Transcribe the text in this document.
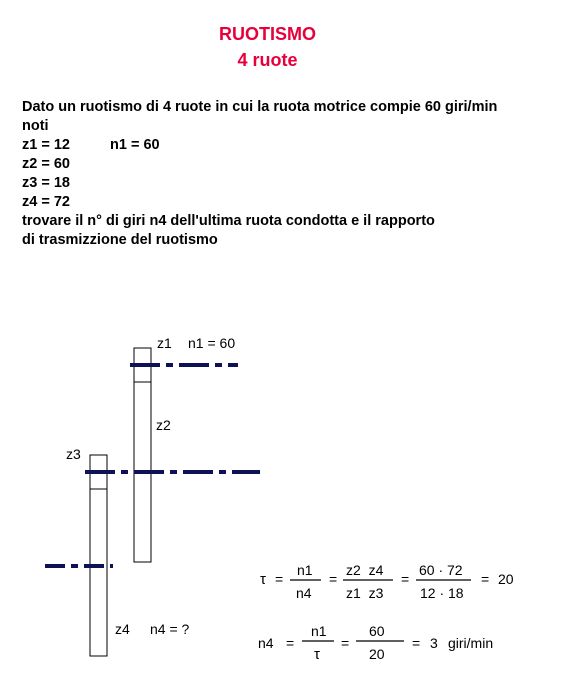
RUOTISMO
4 ruote
Dato un ruotismo di 4 ruote in cui la ruota motrice compie 60 giri/min
noti
z1 = 12	n1 = 60
z2 = 60
z3 = 18
z4 = 72
trovare il n° di giri n4 dell'ultima ruota condotta e il rapporto
di trasmizzione del ruotismo
z1 n1 = 60
z2
z3
z4 n4 = ?
τ =
n1
n4
=
z2  z4
z1  z3
=
60 · 72
12 · 18
= 20
n4 =
n1
τ
=
60
20
= 3 giri/min
